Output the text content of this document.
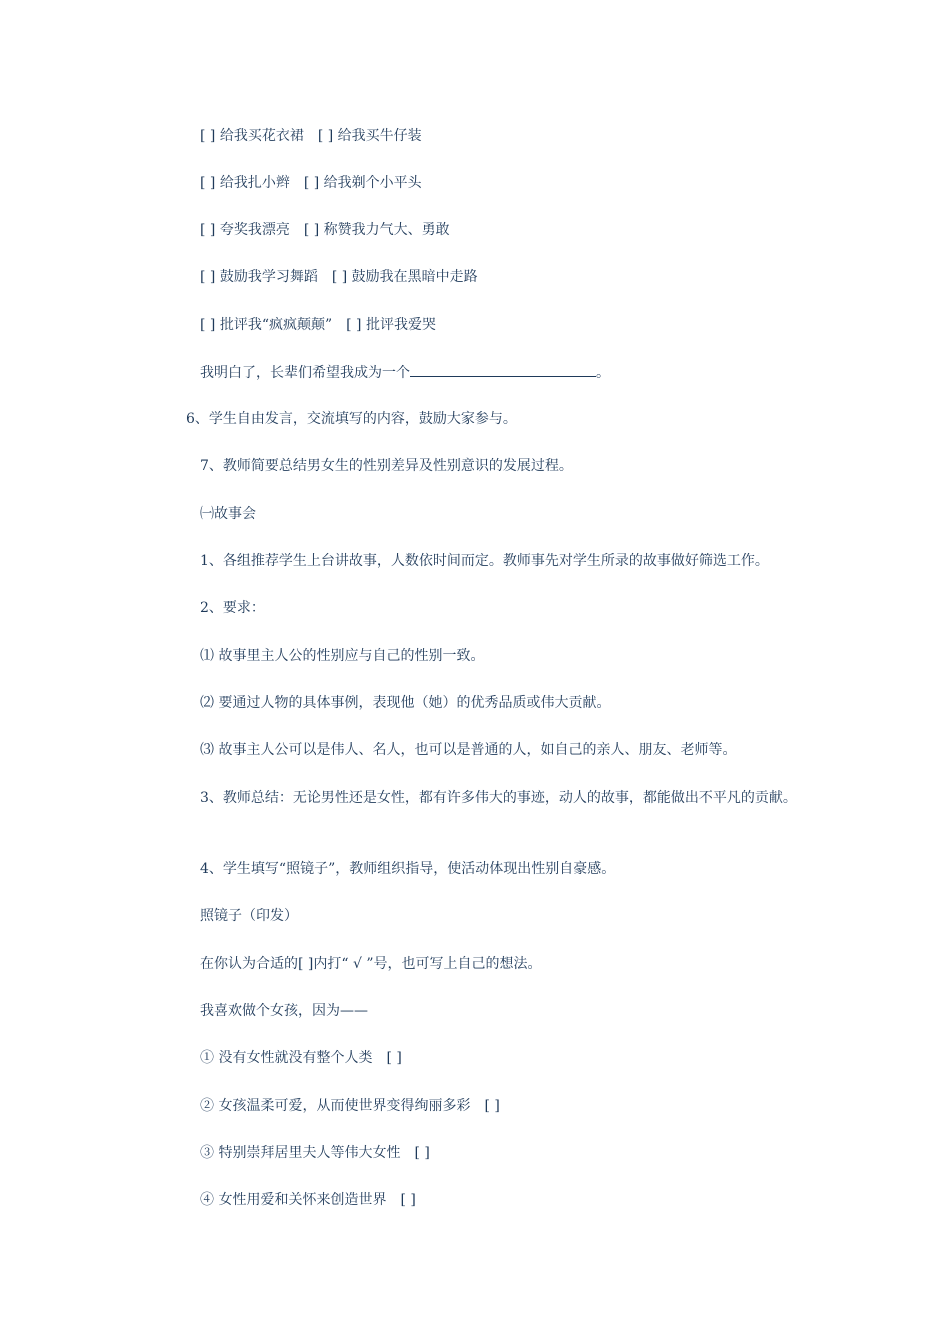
[ ] 给我买花衣裙　[ ] 给我买牛仔装
[ ] 给我扎小辫　[ ] 给我剃个小平头
[ ] 夸奖我漂亮　[ ] 称赞我力气大、勇敢
[ ] 鼓励我学习舞蹈　[ ] 鼓励我在黑暗中走路
[ ] 批评我“疯疯颠颠”　[ ] 批评我爱哭
我明白了，长辈们希望我成为一个	。
6、学生自由发言，交流填写的内容，鼓励大家参与。
7、教师简要总结男女生的性别差异及性别意识的发展过程。
㈠故事会
1、各组推荐学生上台讲故事，人数依时间而定。教师事先对学生所录的故事做好筛选工作。
2、要求：
⑴ 故事里主人公的性别应与自己的性别一致。
⑵ 要通过人物的具体事例，表现他（她）的优秀品质或伟大贡献。
⑶ 故事主人公可以是伟人、名人，也可以是普通的人，如自己的亲人、朋友、老师等。
3、教师总结：无论男性还是女性，都有许多伟大的事迹，动人的故事，都能做出不平凡的贡献。
4、学生填写“照镜子”，教师组织指导，使活动体现出性别自豪感。
照镜子（印发）
在你认为合适的[ ]内打“ √ ”号，也可写上自己的想法。
我喜欢做个女孩，因为——
① 没有女性就没有整个人类　[ ]
② 女孩温柔可爱，从而使世界变得绚丽多彩　[ ]
③ 特别崇拜居里夫人等伟大女性　[ ]
④ 女性用爱和关怀来创造世界　[ ]
